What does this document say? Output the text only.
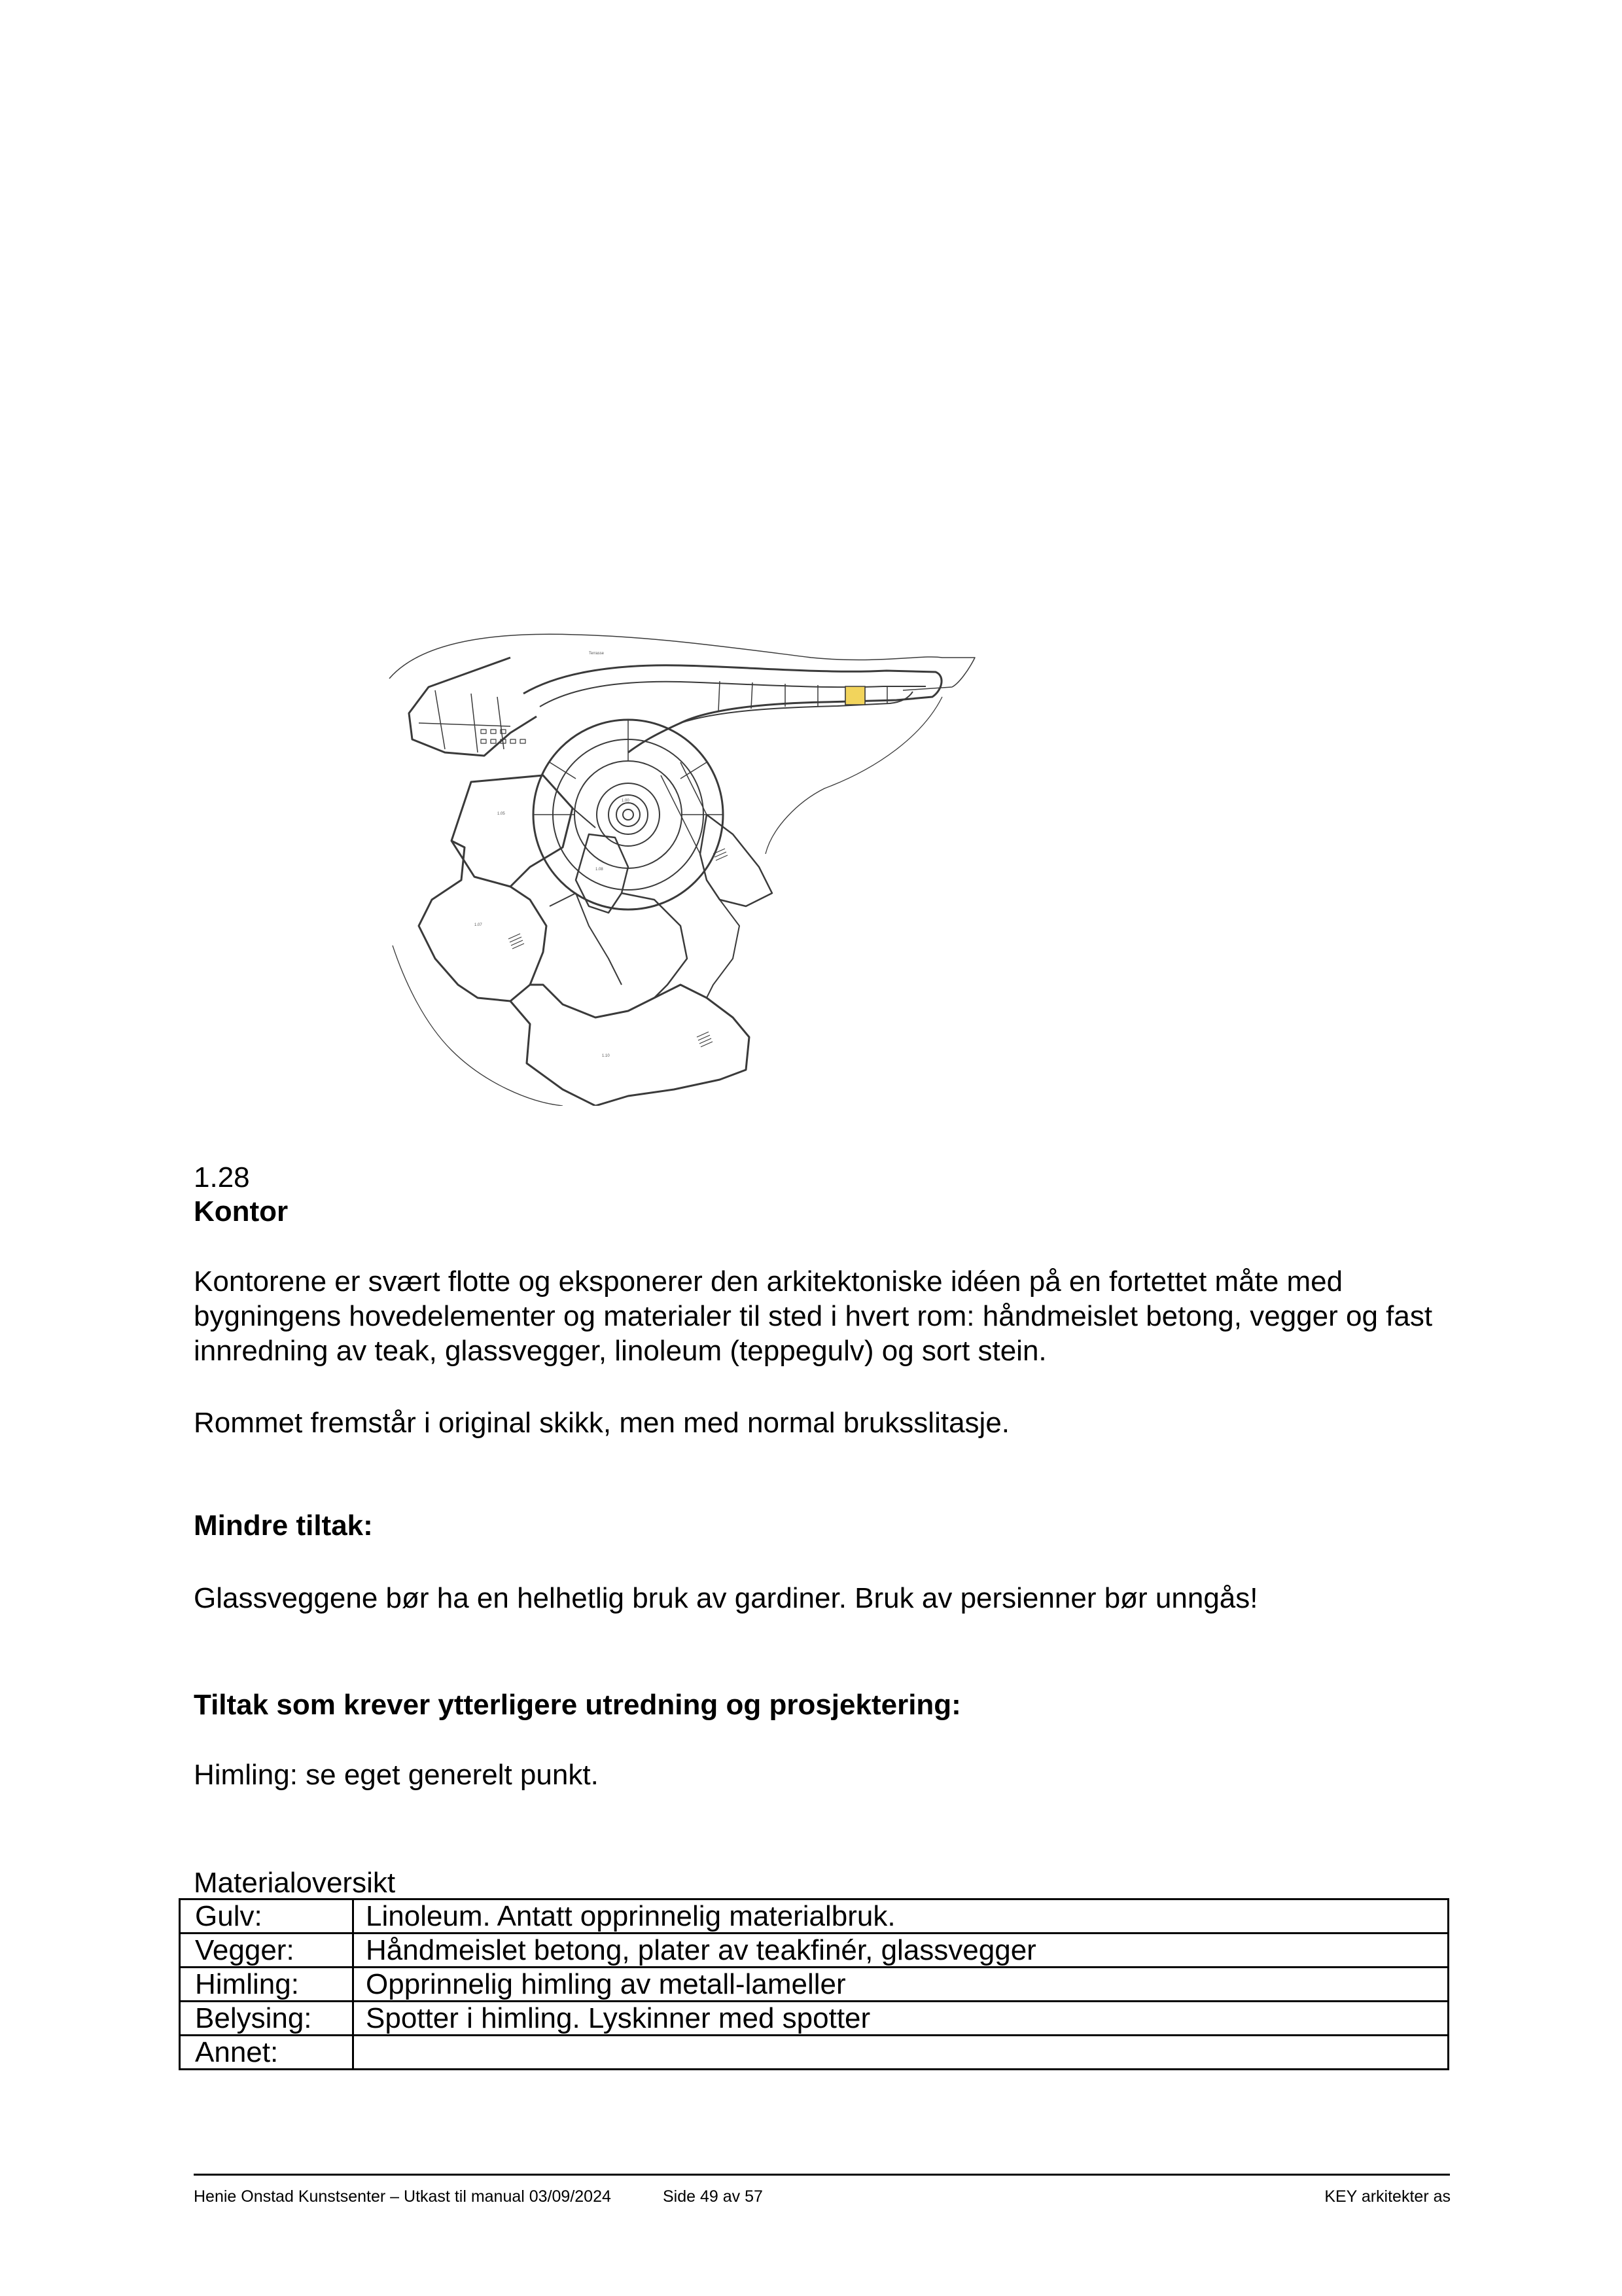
Terrasse
1.00
1.05
1.07
1.10
1.08
1.28
Kontor
Kontorene er svært flotte og eksponerer den arkitektoniske idéen på en fortettet måte med bygningens hovedelementer og materialer til sted i hvert rom: håndmeislet betong, vegger og fast innredning av teak, glassvegger, linoleum (teppegulv) og sort stein.
Rommet fremstår i original skikk, men med normal bruksslitasje.
Mindre tiltak:
Glassveggene bør ha en helhetlig bruk av gardiner. Bruk av persienner bør unngås!
Tiltak som krever ytterligere utredning og prosjektering:
Himling: se eget generelt punkt.
Materialoversikt
Gulv:	Linoleum. Antatt opprinnelig materialbruk.
Vegger:	Håndmeislet betong, plater av teakfinér, glassvegger
Himling:	Opprinnelig himling av metall-lameller
Belysing:	Spotter i himling. Lyskinner med spotter
Annet:	
Henie Onstad Kunstsenter – Utkast til manual 03/09/2024	Side 49 av 57	KEY arkitekter as
